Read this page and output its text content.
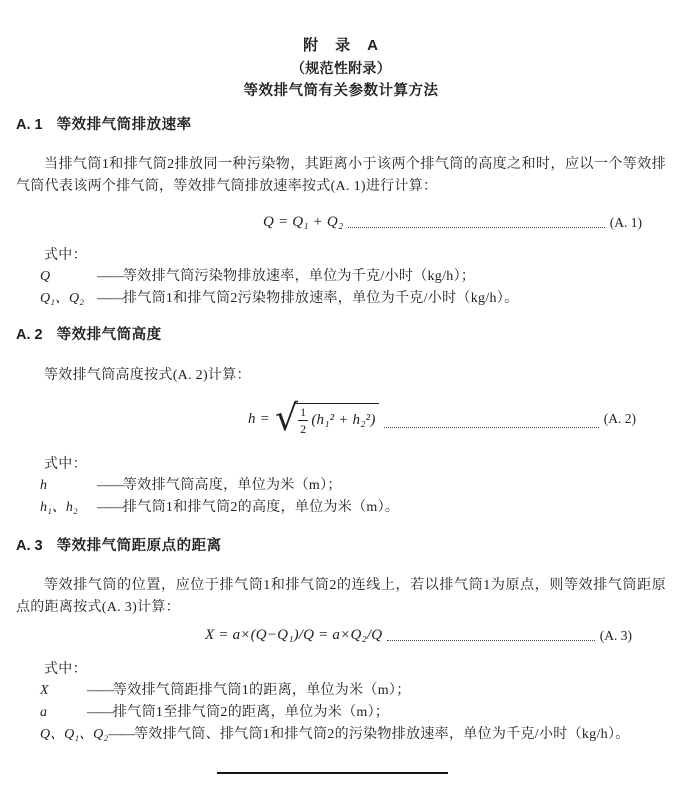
附　录　A
（规范性附录）
等效排气筒有关参数计算方法
A. 1 等效排气筒排放速率
当排气筒1和排气筒2排放同一种污染物，其距离小于该两个排气筒的高度之和时，应以一个等效排气筒代表该两个排气筒，等效排气筒排放速率按式(A. 1)进行计算：
Q = Q₁ + Q₂	(A. 1)
式中：
Q	—— 等效排气筒污染物排放速率，单位为千克/小时（kg/h）；
Q₁、Q₂ —— 排气筒1和排气筒2污染物排放速率，单位为千克/小时（kg/h）。
A. 2 等效排气筒高度
等效排气筒高度按式(A. 2)计算：
h = √ $\frac{1}{2} (h_1^2 + h_2^2)$	(A. 2)
式中：
h	—— 等效排气筒高度，单位为米（m）；
h₁、h₂	—— 排气筒1和排气筒2的高度，单位为米（m）。
A. 3 等效排气筒距原点的距离
等效排气筒的位置，应位于排气筒1和排气筒2的连线上，若以排气筒1为原点，则等效排气筒距原点的距离按式(A. 3)计算：
X = a×(Q−Q₁)/Q = a×Q₂/Q	(A. 3)
式中：
X	—— 等效排气筒距排气筒1的距离，单位为米（m）；
a	—— 排气筒1至排气筒2的距离，单位为米（m）；
Q、Q₁、Q₂ —— 等效排气筒、排气筒1和排气筒2的污染物排放速率，单位为千克/小时（kg/h）。
